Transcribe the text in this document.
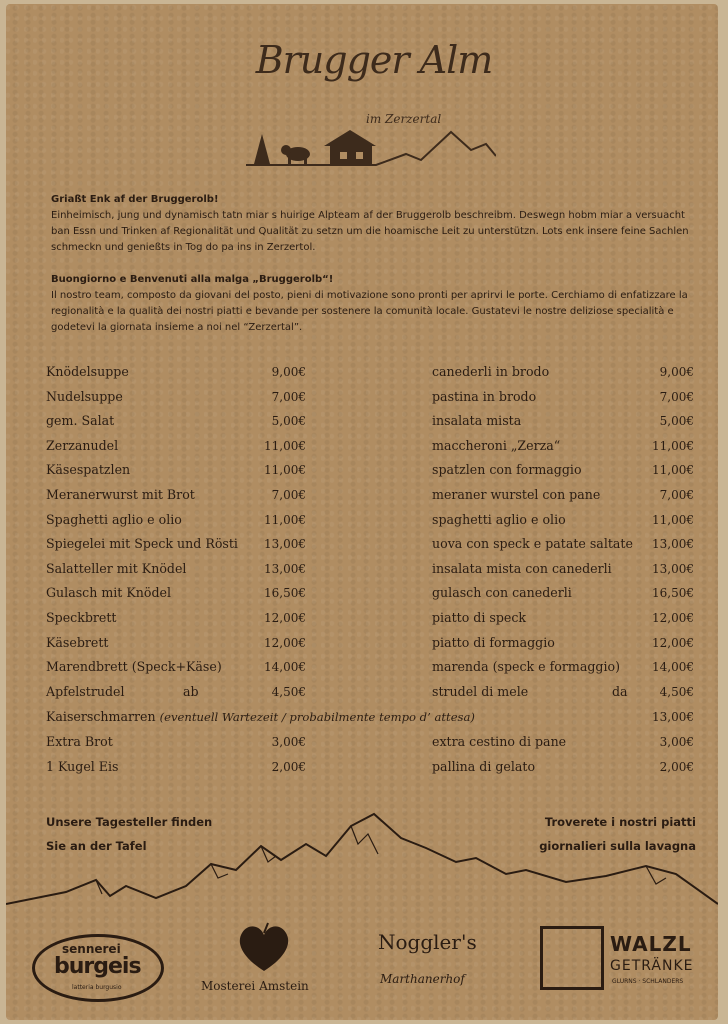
Brugger Alm
im Zerzertal
Griaßt Enk af der Bruggerolb!
Einheimisch, jung und dynamisch tatn miar s huirige Alpteam af der Bruggerolb beschreibm. Deswegn hobm miar a versuacht ban Essn und Trinken af Regionalität und Qualität zu setzn um die hoamische Leit zu unterstützn. Lots enk insere feine Sachlen schmeckn und genießts in Tog do pa ins in Zerzertol.
Buongiorno e Benvenuti alla malga „Bruggerolb“!
Il nostro team, composto da giovani del posto, pieni di motivazione sono pronti per aprirvi le porte. Cerchiamo di enfatizzare la regionalità e la qualità dei nostri piatti e bevande per sostenere la comunità locale. Gustatevi le nostre deliziose specialità e godetevi la giornata insieme a noi nel “Zerzertal”.
Knödelsuppe	9,00€
Nudelsuppe	7,00€
gem. Salat	5,00€
Zerzanudel	11,00€
Käsespatzlen	11,00€
Meranerwurst mit Brot	7,00€
Spaghetti aglio e olio	11,00€
Spiegelei mit Speck und Rösti 13,00€
Salatteller mit Knödel	13,00€
Gulasch mit Knödel	16,50€
Speckbrett	12,00€
Käsebrett	12,00€
Marendbrett (Speck+Käse)	14,00€
Apfelstrudel	ab	4,50€
canederli in brodo	9,00€
pastina in brodo	7,00€
insalata mista	5,00€
maccheroni „Zerza“	11,00€
spatzlen con formaggio	11,00€
meraner wurstel con pane	7,00€
spaghetti aglio e olio	11,00€
uova con speck e patate saltate 13,00€
insalata mista con canederli	13,00€
gulasch con canederli	16,50€
piatto di speck	12,00€
piatto di formaggio	12,00€
marenda (speck e formaggio)	14,00€
strudel di mele	da	4,50€
Kaiserschmarren (eventuell Wartezeit / probabilmente tempo d’ attesa)	13,00€
Extra Brot	3,00€
1 Kugel Eis	2,00€
extra cestino di pane	3,00€
pallina di gelato	2,00€
Unsere Tagesteller finden
Sie an der Tafel
Troverete i nostri piatti
giornalieri sulla lavagna
sennerei
burgeis
latteria burgusio	Mosterei Amstein
Noggler's
Marthanerhof
WALZL
GETRÄNKE
GLURNS · SCHLANDERS
